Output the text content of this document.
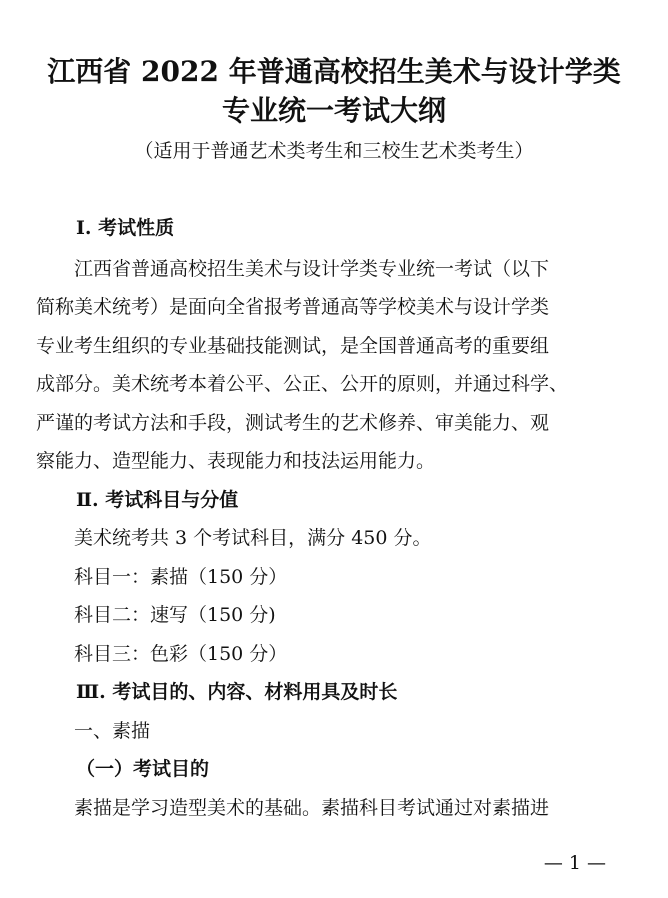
江西省 2022 年普通高校招生美术与设计学类
专业统一考试大纲

（适用于普通艺术类考生和三校生艺术类考生）

Ⅰ. 考试性质

江西省普通高校招生美术与设计学类专业统一考试（以下

简称美术统考）是面向全省报考普通高等学校美术与设计学类

专业考生组织的专业基础技能测试，是全国普通高考的重要组

成部分。美术统考本着公平、公正、公开的原则，并通过科学、

严谨的考试方法和手段，测试考生的艺术修养、审美能力、观

察能力、造型能力、表现能力和技法运用能力。

Ⅱ. 考试科目与分值

美术统考共 3 个考试科目，满分 450 分。

科目一：素描（150 分）

科目二：速写（150 分)

科目三：色彩（150 分）

Ⅲ. 考试目的、内容、材料用具及时长

一、素描

（一）考试目的

素描是学习造型美术的基础。素描科目考试通过对素描进

— 1 —
